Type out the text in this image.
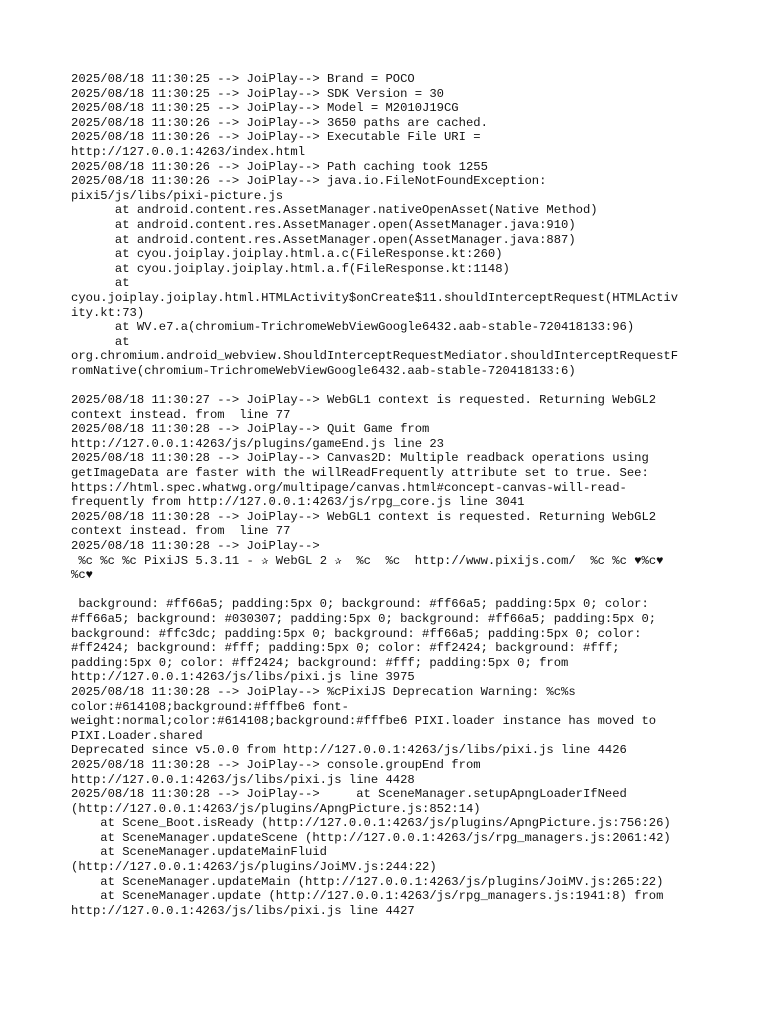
2025/08/18 11:30:25 --> JoiPlay--> Brand = POCO
2025/08/18 11:30:25 --> JoiPlay--> SDK Version = 30
2025/08/18 11:30:25 --> JoiPlay--> Model = M2010J19CG
2025/08/18 11:30:26 --> JoiPlay--> 3650 paths are cached.
2025/08/18 11:30:26 --> JoiPlay--> Executable File URI =
http://127.0.0.1:4263/index.html
2025/08/18 11:30:26 --> JoiPlay--> Path caching took 1255
2025/08/18 11:30:26 --> JoiPlay--> java.io.FileNotFoundException:
pixi5/js/libs/pixi-picture.js
at android.content.res.AssetManager.nativeOpenAsset(Native Method)
at android.content.res.AssetManager.open(AssetManager.java:910)
at android.content.res.AssetManager.open(AssetManager.java:887)
at cyou.joiplay.joiplay.html.a.c(FileResponse.kt:260)
at cyou.joiplay.joiplay.html.a.f(FileResponse.kt:1148)
at
cyou.joiplay.joiplay.html.HTMLActivity$onCreate$11.shouldInterceptRequest(HTMLActiv
ity.kt:73)
at WV.e7.a(chromium-TrichromeWebViewGoogle6432.aab-stable-720418133:96)
at
org.chromium.android_webview.ShouldInterceptRequestMediator.shouldInterceptRequestF
romNative(chromium-TrichromeWebViewGoogle6432.aab-stable-720418133:6)

2025/08/18 11:30:27 --> JoiPlay--> WebGL1 context is requested. Returning WebGL2
context instead. from  line 77
2025/08/18 11:30:28 --> JoiPlay--> Quit Game from
http://127.0.0.1:4263/js/plugins/gameEnd.js line 23
2025/08/18 11:30:28 --> JoiPlay--> Canvas2D: Multiple readback operations using
getImageData are faster with the willReadFrequently attribute set to true. See:
https://html.spec.whatwg.org/multipage/canvas.html#concept-canvas-will-read-
frequently from http://127.0.0.1:4263/js/rpg_core.js line 3041
2025/08/18 11:30:28 --> JoiPlay--> WebGL1 context is requested. Returning WebGL2
context instead. from  line 77
2025/08/18 11:30:28 --> JoiPlay-->
%c %c %c PixiJS 5.3.11 - ✰ WebGL 2 ✰  %c  %c  http://www.pixijs.com/  %c %c ♥%c♥
%c♥

background: #ff66a5; padding:5px 0; background: #ff66a5; padding:5px 0; color:
#ff66a5; background: #030307; padding:5px 0; background: #ff66a5; padding:5px 0;
background: #ffc3dc; padding:5px 0; background: #ff66a5; padding:5px 0; color:
#ff2424; background: #fff; padding:5px 0; color: #ff2424; background: #fff;
padding:5px 0; color: #ff2424; background: #fff; padding:5px 0; from
http://127.0.0.1:4263/js/libs/pixi.js line 3975
2025/08/18 11:30:28 --> JoiPlay--> %cPixiJS Deprecation Warning: %c%s
color:#614108;background:#fffbe6 font-
weight:normal;color:#614108;background:#fffbe6 PIXI.loader instance has moved to
PIXI.Loader.shared
Deprecated since v5.0.0 from http://127.0.0.1:4263/js/libs/pixi.js line 4426
2025/08/18 11:30:28 --> JoiPlay--> console.groupEnd from
http://127.0.0.1:4263/js/libs/pixi.js line 4428
2025/08/18 11:30:28 --> JoiPlay-->     at SceneManager.setupApngLoaderIfNeed
(http://127.0.0.1:4263/js/plugins/ApngPicture.js:852:14)
at Scene_Boot.isReady (http://127.0.0.1:4263/js/plugins/ApngPicture.js:756:26)
at SceneManager.updateScene (http://127.0.0.1:4263/js/rpg_managers.js:2061:42)
at SceneManager.updateMainFluid
(http://127.0.0.1:4263/js/plugins/JoiMV.js:244:22)
at SceneManager.updateMain (http://127.0.0.1:4263/js/plugins/JoiMV.js:265:22)
at SceneManager.update (http://127.0.0.1:4263/js/rpg_managers.js:1941:8) from
http://127.0.0.1:4263/js/libs/pixi.js line 4427
